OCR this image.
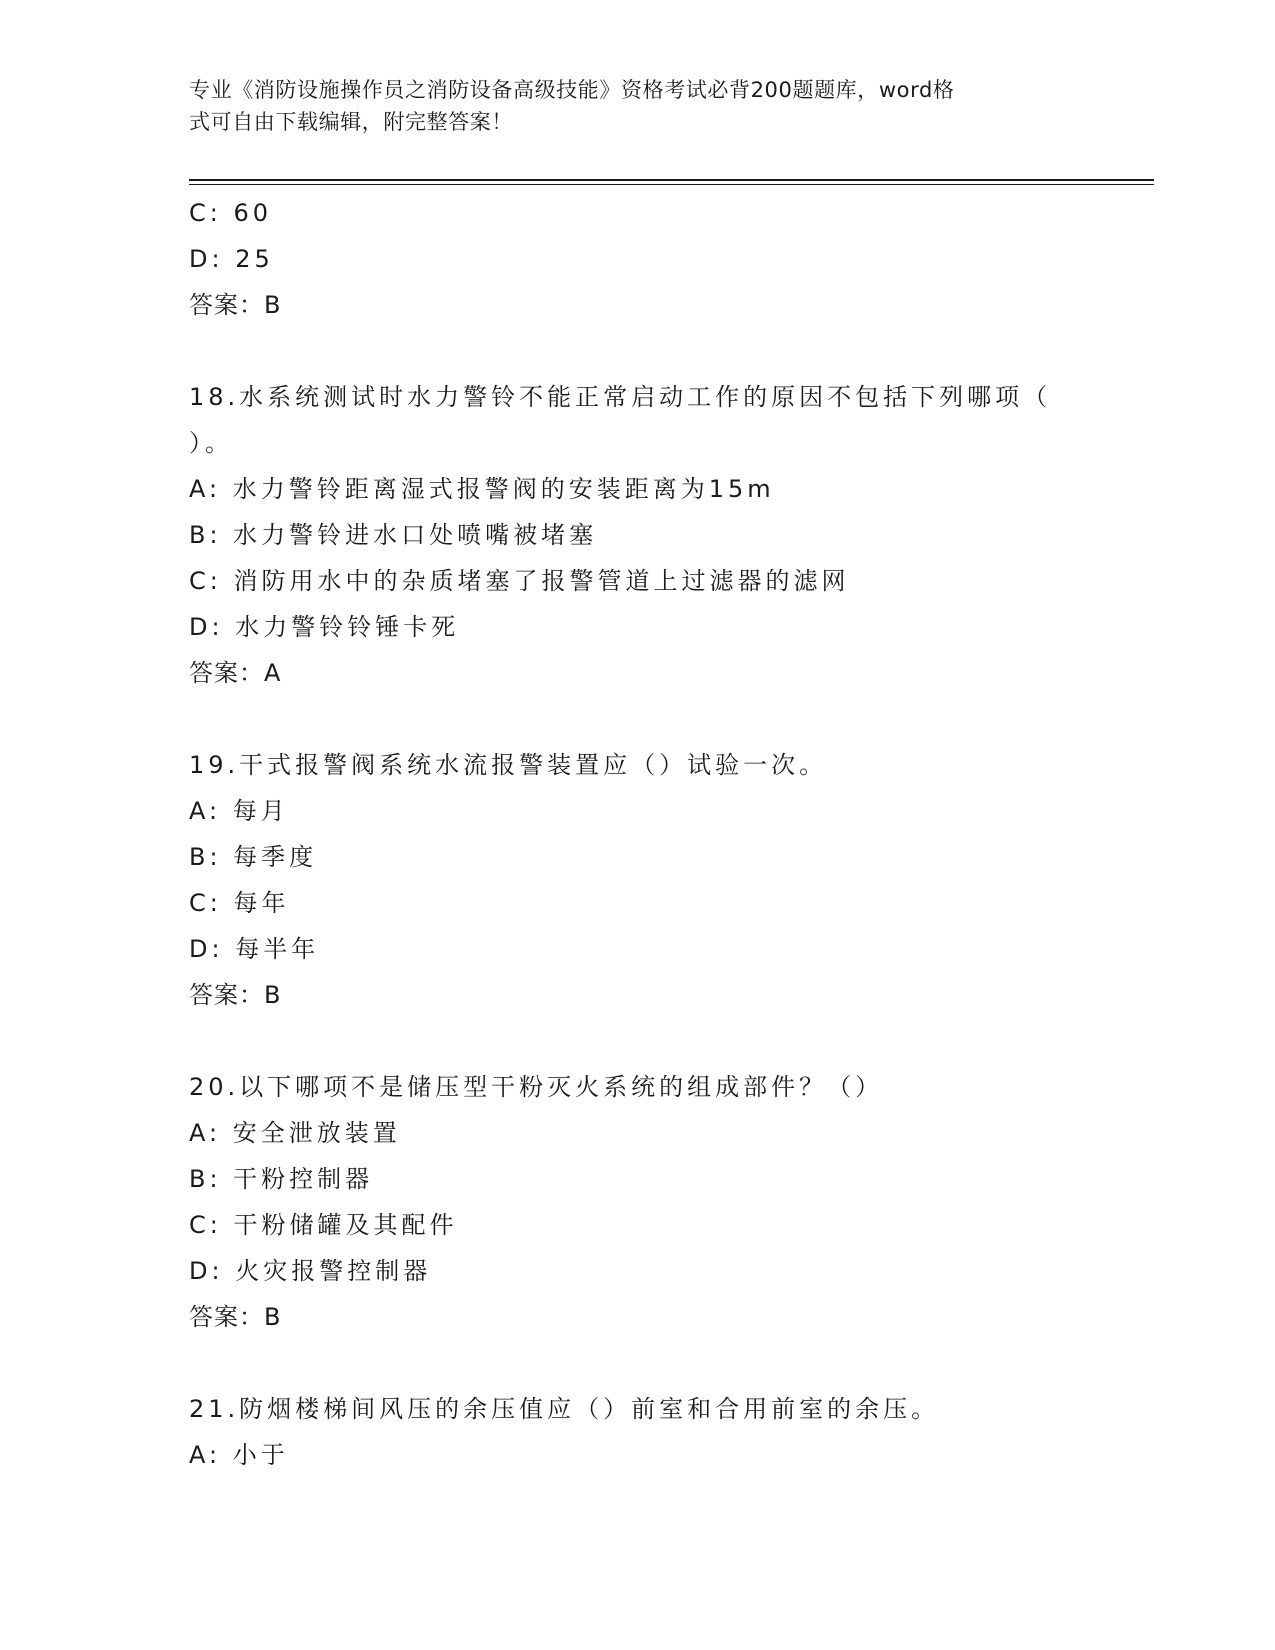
专业《消防设施操作员之消防设备高级技能》资格考试必背200题题库，word格
式可自由下载编辑，附完整答案！
C: 60
D: 25
答案：B
18.水系统测试时水力警铃不能正常启动工作的原因不包括下列哪项（
）。
A: 水力警铃距离湿式报警阀的安装距离为15m
B: 水力警铃进水口处喷嘴被堵塞
C: 消防用水中的杂质堵塞了报警管道上过滤器的滤网
D: 水力警铃铃锤卡死
答案：A
19.干式报警阀系统水流报警装置应（）试验一次。
A: 每月
B: 每季度
C: 每年
D: 每半年
答案：B
20.以下哪项不是储压型干粉灭火系统的组成部件？（）
A: 安全泄放装置
B: 干粉控制器
C: 干粉储罐及其配件
D: 火灾报警控制器
答案：B
21.防烟楼梯间风压的余压值应（）前室和合用前室的余压。
A: 小于
